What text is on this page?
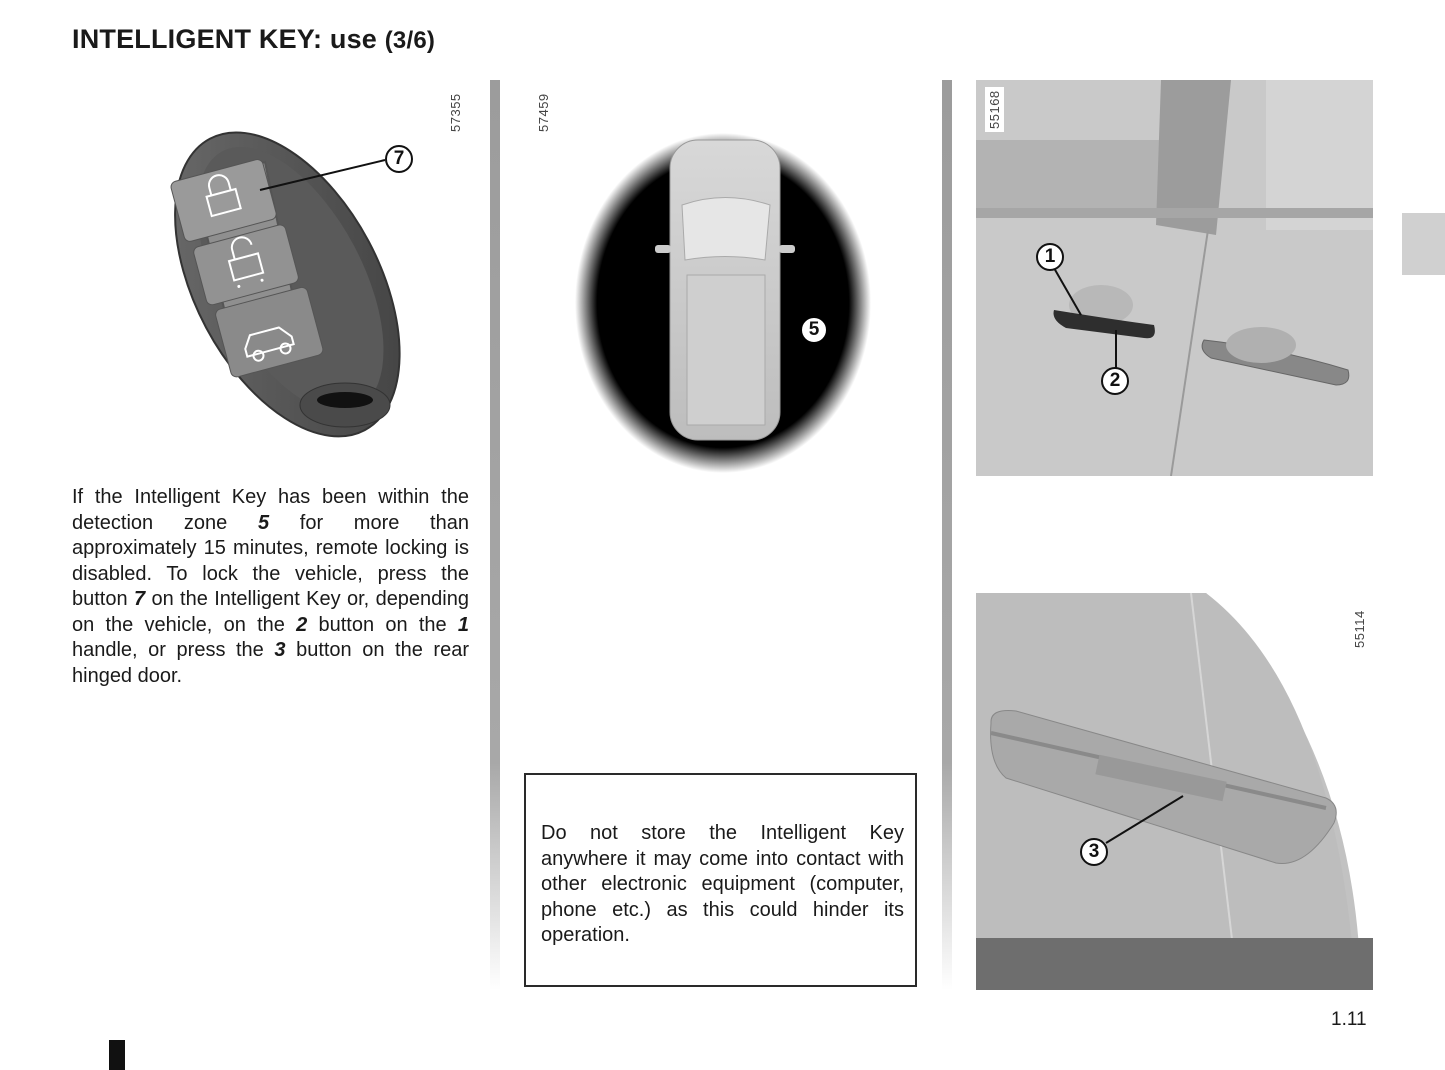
INTELLIGENT KEY: use (3/6)
57355
7
57459
5
55168
1
2
If the Intelligent Key has been within the detection zone 5 for more than approximately 15 minutes, remote locking is disabled. To lock the vehicle, press the button 7 on the Intelligent Key or, depending on the vehicle, on the 2 button on the 1 handle, or press the 3 button on the rear hinged door.
55114
3
Do not store the Intelligent Key anywhere it may come into contact with other electronic equipment (computer, phone etc.) as this could hinder its operation.
1.11
